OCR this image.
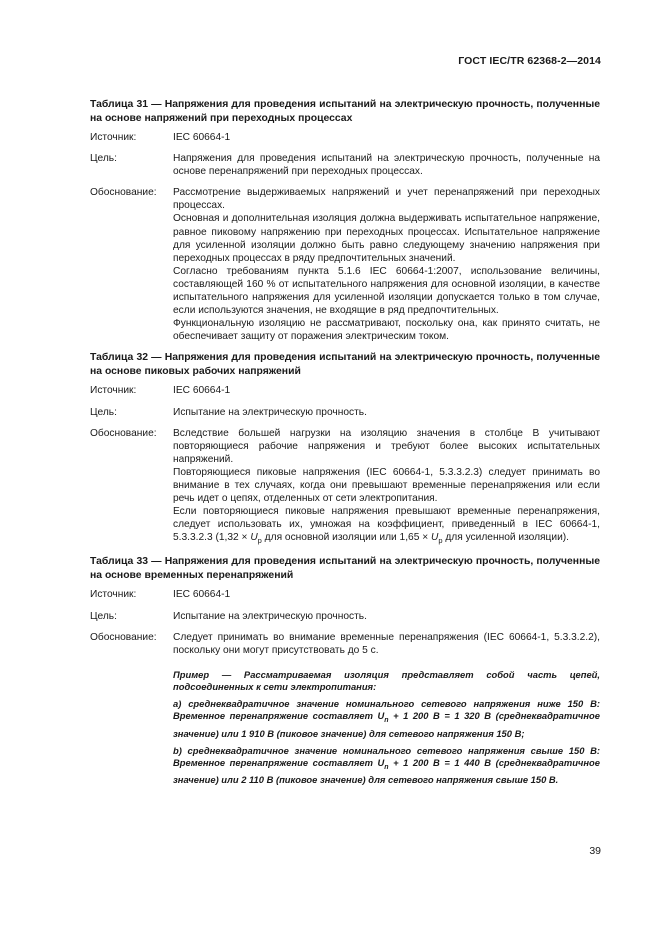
ГОСТ IEC/TR 62368-2—2014
Таблица 31 — Напряжения для проведения испытаний на электрическую прочность, полученные на основе напряжений при переходных процессах
Источник:	IEC 60664-1
Цель:	Напряжения для проведения испытаний на электрическую прочность, полученные на основе перенапряжений при переходных процессах.
Обоснование:	Рассмотрение выдерживаемых напряжений и учет перенапряжений при переходных процессах.

Основная и дополнительная изоляция должна выдерживать испытательное напряжение, равное пиковому напряжению при переходных процессах. Испытательное напряжение для усиленной изоляции должно быть равно следующему значению напряжения при переходных процессах в ряду предпочтительных значений.

Согласно требованиям пункта 5.1.6 IEC 60664-1:2007, использование величины, составляющей 160 % от испытательного напряжения для основной изоляции, в качестве испытательного напряжения для усиленной изоляции допускается только в том случае, если используются значения, не входящие в ряд предпочтительных.

Функциональную изоляцию не рассматривают, поскольку она, как принято считать, не обеспечивает защиту от поражения электрическим током.

Таблица 32 — Напряжения для проведения испытаний на электрическую прочность, полученные на основе пиковых рабочих напряжений
Источник:	IEC 60664-1
Цель:	Испытание на электрическую прочность.
Обоснование:	Вследствие большей нагрузки на изоляцию значения в столбце B учитывают повторяющиеся рабочие напряжения и требуют более высоких испытательных напряжений.

Повторяющиеся пиковые напряжения (IEC 60664-1, 5.3.3.2.3) следует принимать во внимание в тех случаях, когда они превышают временные перенапряжения или если речь идет о цепях, отделенных от сети электропитания.

Если повторяющиеся пиковые напряжения превышают временные перенапряжения, следует использовать их, умножая на коэффициент, приведенный в IEC 60664-1, 5.3.3.2.3 ($1,32 \times U_p$ для основной изоляции или $1,65 \times U_p$ для усиленной изоляции).

Таблица 33 — Напряжения для проведения испытаний на электрическую прочность, полученные на основе временных перенапряжений
Источник:	IEC 60664-1
Цель:	Испытание на электрическую прочность.
Обоснование:	Следует принимать во внимание временные перенапряжения (IEC 60664-1, 5.3.3.2.2), поскольку они могут присутствовать до 5 с.

Пример — Рассматриваемая изоляция представляет собой часть цепей, подсоединенных к сети электропитания:

a) среднеквадратичное значение номинального сетевого напряжения ниже 150 В: Временное перенапряжение составляет $U_n + 1$ 200 В = 1 320 В (среднеквадратичное значение) или 1 910 В (пиковое значение) для сетевого напряжения 150 В;

b) среднеквадратичное значение номинального сетевого напряжения свыше 150 В: Временное перенапряжение составляет $U_n + 1$ 200 В = 1 440 В (среднеквадратичное значение) или 2 110 В (пиковое значение) для сетевого напряжения свыше 150 В.

39
